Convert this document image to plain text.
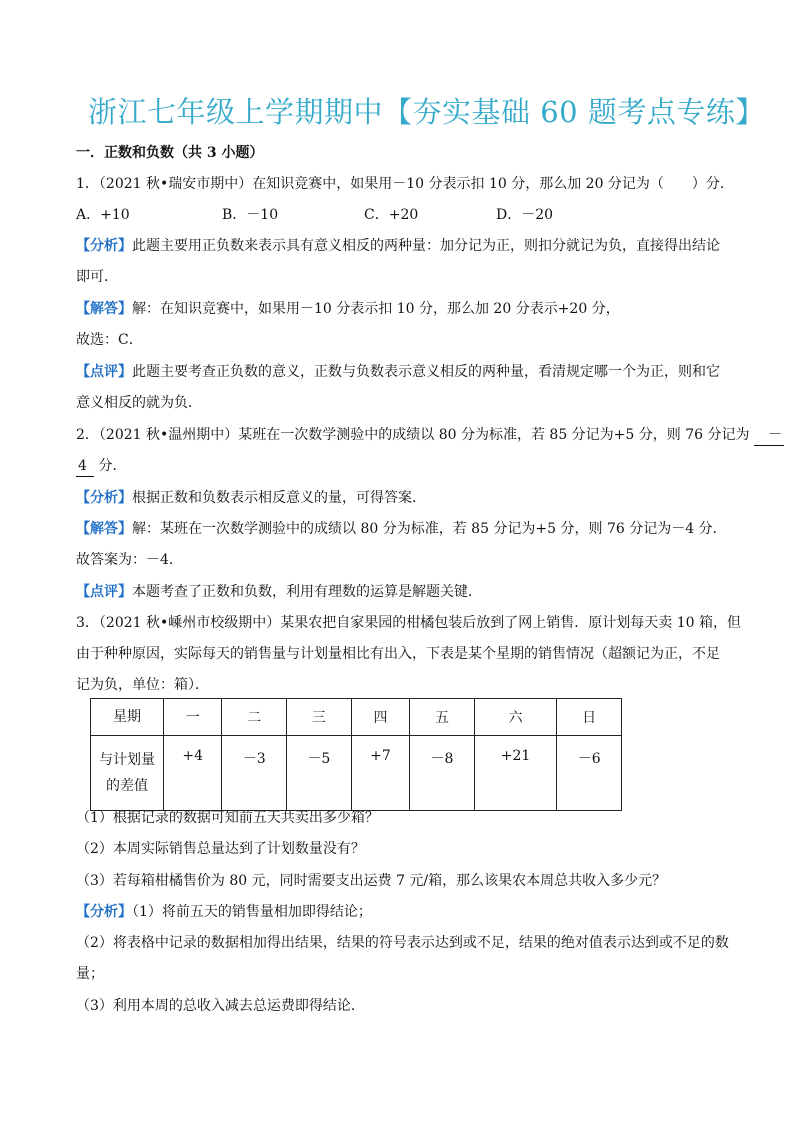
浙江七年级上学期期中【夯实基础 60 题考点专练】
一．正数和负数（共 3 小题）
1．（2021 秋•瑞安市期中）在知识竞赛中，如果用－10 分表示扣 10 分，那么加 20 分记为（　　）分．
A．+10	B．－10	C．+20	D．－20
【分析】此题主要用正负数来表示具有意义相反的两种量：加分记为正，则扣分就记为负，直接得出结论
即可．
【解答】解：在知识竞赛中，如果用－10 分表示扣 10 分，那么加 20 分表示+20 分，
故选：C．
【点评】此题主要考查正负数的意义，正数与负数表示意义相反的两种量，看清规定哪一个为正，则和它
意义相反的就为负．
2．（2021 秋•温州期中）某班在一次数学测验中的成绩以 80 分为标准，若 85 分记为+5 分，则 76 分记为 －
4 分．
【分析】根据正数和负数表示相反意义的量，可得答案．
【解答】解：某班在一次数学测验中的成绩以 80 分为标准，若 85 分记为+5 分，则 76 分记为－4 分．
故答案为：－4．
【点评】本题考查了正数和负数，利用有理数的运算是解题关键．
3．（2021 秋•嵊州市校级期中）某果农把自家果园的柑橘包装后放到了网上销售．原计划每天卖 10 箱，但
由于种种原因，实际每天的销售量与计划量相比有出入，下表是某个星期的销售情况（超额记为正，不足
记为负，单位：箱）．
星期	一	二	三	四	五	六	日

与计划量
的差值	+4	－3	－5	+7	－8	+21	－6
（1）根据记录的数据可知前五天共卖出多少箱？
（2）本周实际销售总量达到了计划数量没有？
（3）若每箱柑橘售价为 80 元，同时需要支出运费 7 元/箱，那么该果农本周总共收入多少元？
【分析】（1）将前五天的销售量相加即得结论；
（2）将表格中记录的数据相加得出结果，结果的符号表示达到或不足，结果的绝对值表示达到或不足的数
量；
（3）利用本周的总收入减去总运费即得结论．
